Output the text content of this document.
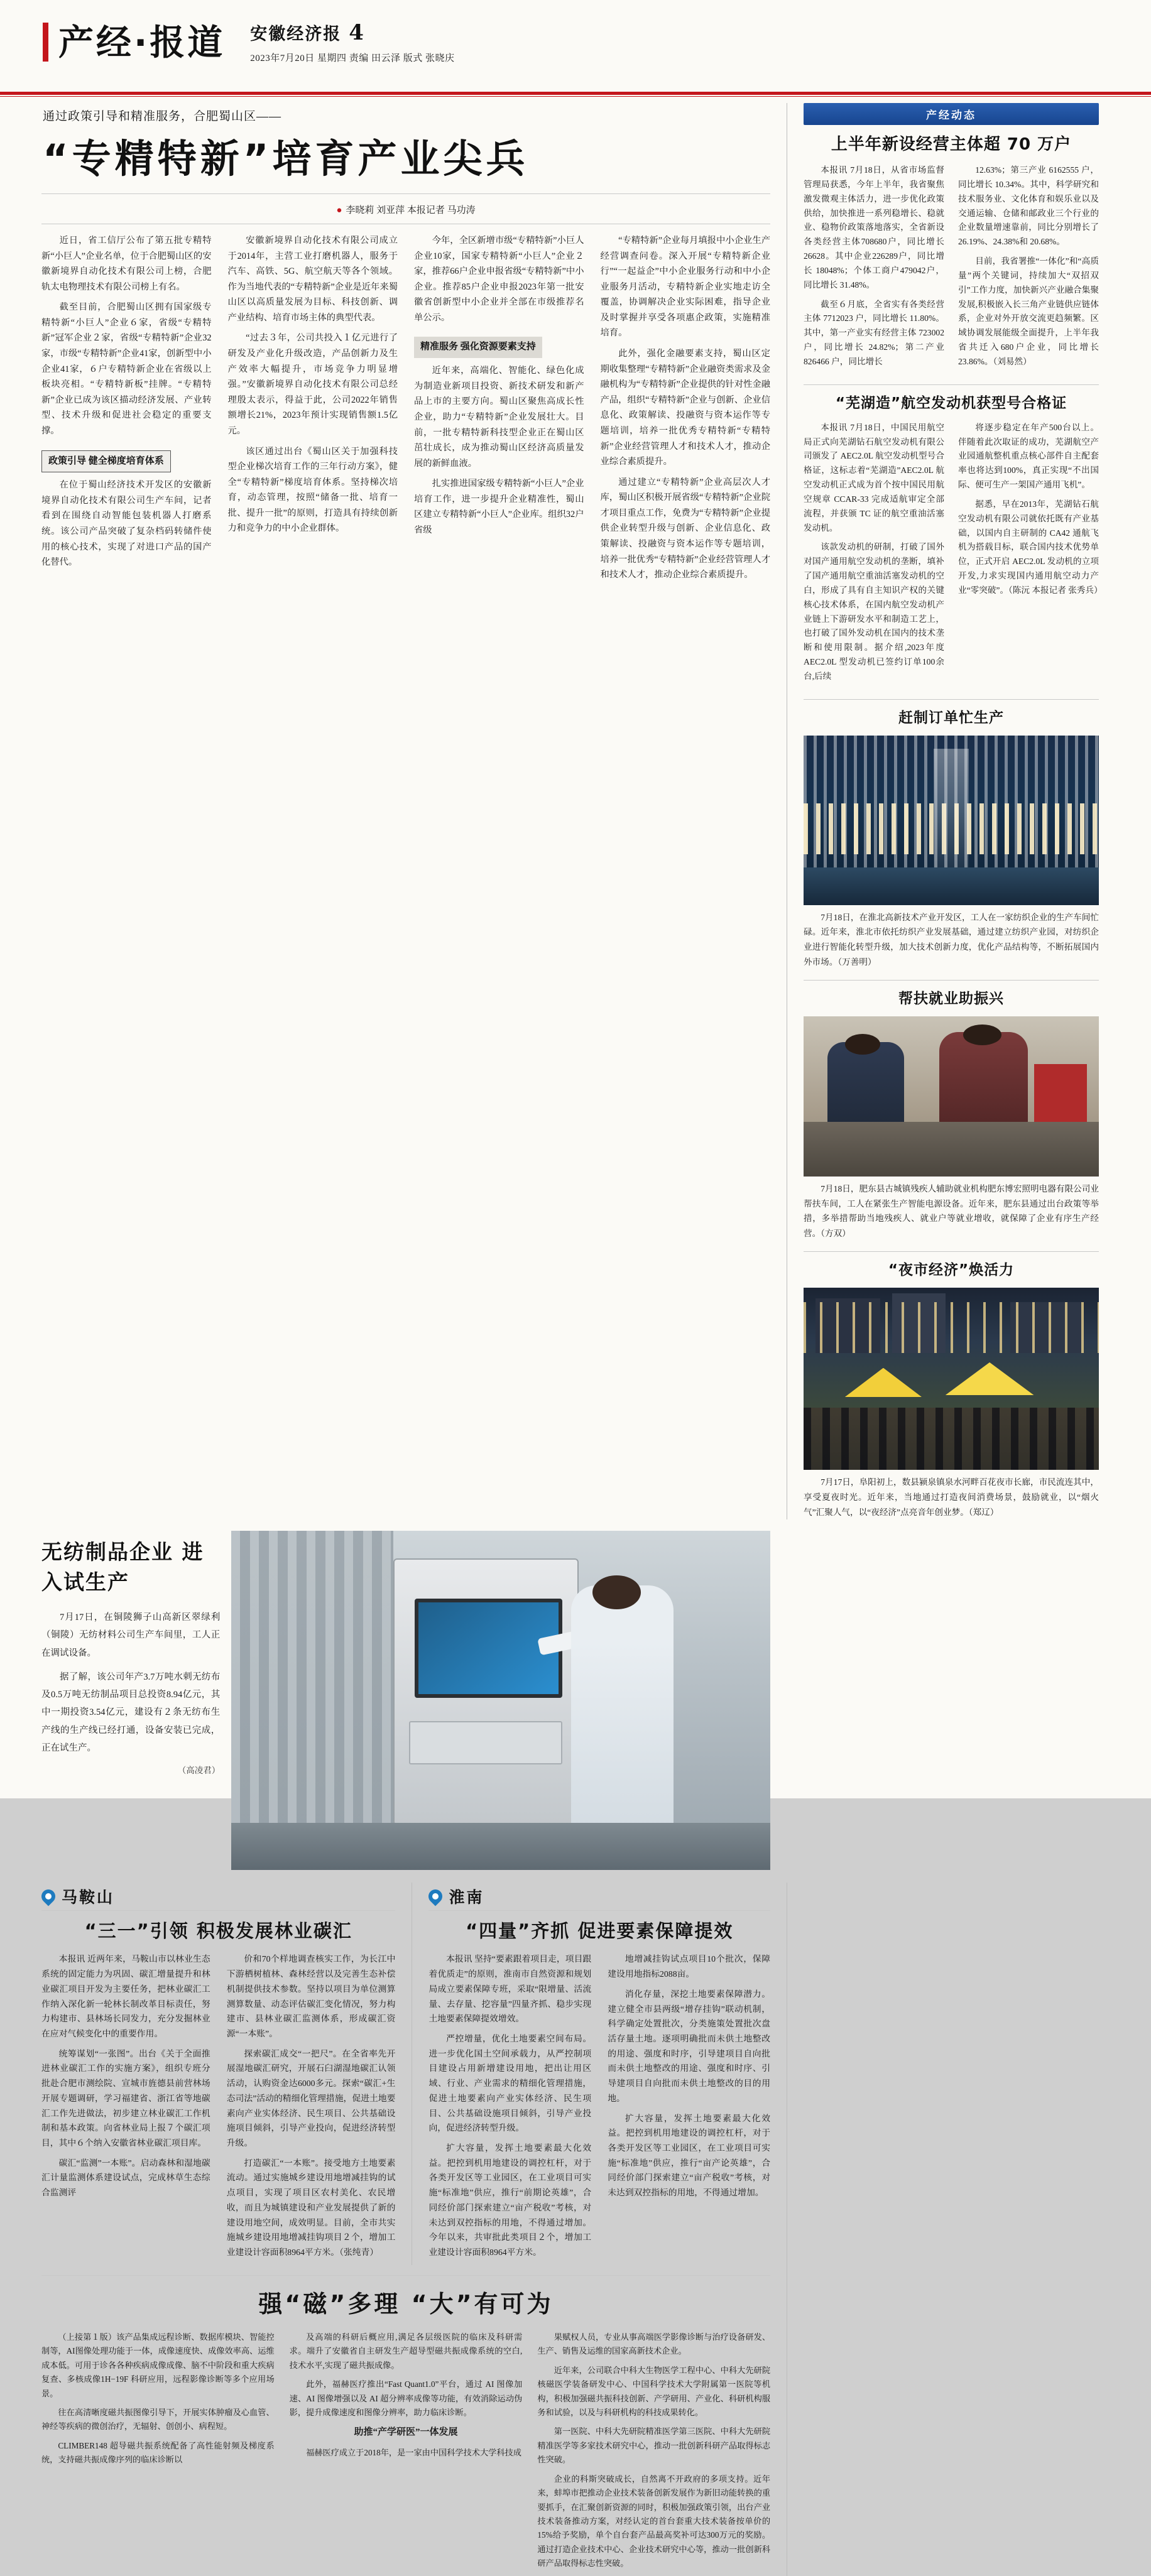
产经·报道 安徽经济报 4
2023年7月20日 星期四 责编 田云泽 版式 张晓庆
通过政策引导和精准服务，合肥蜀山区——
“专精特新”培育产业尖兵
● 李晓莉 刘亚萍 本报记者 马功涛

近日，省工信厅公布了第五批专精特新“小巨人”企业名单，位于合肥蜀山区的安徽新境界自动化技术有限公司上榜，合肥轨太电物理技术有限公司榜上有名。

截至目前，合肥蜀山区拥有国家级专精特新“小巨人”企业６家，省级“专精特新”冠军企业２家，省级“专精特新”企业32家，市级“专精特新”企业41家，创新型中小企业41家，６户专精特新企业在省级以上板块亮相。“专精特新板”挂牌。“专精特新”企业已成为该区描动经济发展、产业转型、技术升级和促进社会稳定的重要支撑。

政策引导 健全梯度培育体系

在位于蜀山经济技术开发区的安徽新境界自动化技术有限公司生产车间，记者看到在围绕自动智能包装机器人打磨系统。该公司产品突破了复杂档码转储件使用的核心技术，实现了对进口产品的国产化替代。

安徽新境界自动化技术有限公司成立于2014年，主营工业打磨机器人，服务于汽车、高铁、5G、航空航天等各个领域。作为当地代表的“专精特新”企业是近年来蜀山区以高质量发展为目标、科技创新、调产业结构、培育市场主体的典型代表。

“过去３年，公司共投入１亿元进行了研发及产业化升级改造，产品创新力及生产效率大幅提升，市场竞争力明显增强。”安徽新境界自动化技术有限公司总经理殷太表示，得益于此，公司2022年销售额增长21%，2023年预计实现销售额1.5亿元。

该区通过出台《蜀山区关于加强科技型企业梯次培育工作的三年行动方案》，健全“专精特新”梯度培育体系。坚持梯次培育，动态管理，按照“储备一批、培育一批、提升一批”的原则，打造具有持续创新力和竞争力的中小企业群体。

今年，全区新增市级“专精特新”小巨人企业10家，国家专精特新“小巨人”企业２家，推荐66户企业申报省级“专精特新”中小企业。推荐85户企业申报2023年第一批安徽省创新型中小企业并全部在市级推荐名单公示。

精准服务 强化资源要素支持

近年来，高端化、智能化、绿色化成为制造业新项目投资、新技术研发和新产品上市的主要方向。蜀山区聚焦高成长性企业，助力“专精特新”企业发展壮大。目前，一批专精特新科技型企业正在蜀山区茁壮成长，成为推动蜀山区经济高质量发展的新鲜血液。

扎实推进国家级专精特新“小巨人”企业培育工作，进一步提升企业精准性，蜀山区建立专精特新“小巨人”企业库。组织32户省级

“专精特新”企业每月填报中小企业生产经营调查问卷。深入开展“专精特新企业行”“一起益企”中小企业服务行动和中小企业服务月活动，专精特新企业实地走访全覆盖，协调解决企业实际困难，指导企业及时掌握并享受各项惠企政策，实施精准培育。

此外，强化金融要素支持，蜀山区定期收集整理“专精特新”企业融资类需求及金融机构为“专精特新”企业提供的针对性金融产品，组织“专精特新”企业与创新、企业信息化、政策解读、投融资与资本运作等专题培训，培养一批优秀专精特新“专精特新”企业经营管理人才和技术人才，推动企业综合素质提升。

通过建立“专精特新”企业高层次人才库，蜀山区积极开展省级“专精特新”企业院才项目重点工作，免费为“专精特新”企业提供企业转型升级与创新、企业信息化、政策解读、投融资与资本运作等专题培训，培养一批优秀“专精特新”企业经营管理人才和技术人才，推动企业综合素质提升。

产经动态
上半年新设经营主体超 70 万户

本报讯 7月18日，从省市场监督管理局获悉，今年上半年，我省聚焦激发微观主体活力，进一步优化政策供给，加快推进一系列稳增长、稳就业、稳物价政策落地落实，全省新设各类经营主体708680户，同比增长 26628。其中企业226289户，同比增长 18048%；个体工商户479042户，同比增长 31.48%。

截至６月底，全省实有各类经营主体 7712023 户，同比增长 11.80%。其中，第一产业实有经营主体 723002 户，同比增长 24.82%；第二产业 826466 户，同比增长

12.63%；第三产业 6162555 户，同比增长 10.34%。其中，科学研究和技术服务业、文化体育和娱乐业以及交通运输、仓储和邮政业三个行业的企业数量增速靠前，同比分别增长了 26.19%、24.38%和 20.68%。

目前，我省署推“一体化”和“高质量”两个关键词，持续加大“双招双引”工作力度，加快新兴产业融合集聚发展,积极嵌入长三角产业链供应链体系，企业对外开放交流更趋频繁。区域协调发展能级全面提升，上半年我省共迁入680户企业，同比增长23.86%。（刘易然）

“芜湖造”航空发动机获型号合格证

本报讯 7月18日，中国民用航空局正式向芜湖钻石航空发动机有限公司颁发了 AEC2.0L 航空发动机型号合格证，这标志着“芜湖造”AEC2.0L 航空发动机正式成为首个按中国民用航空规章 CCAR-33 完成适航审定全部流程，并获颁 TC 证的航空重油活塞发动机。

该款发动机的研制，打破了国外对国产通用航空发动机的垄断，填补了国产通用航空重油活塞发动机的空白，形成了具有自主知识产权的关键核心技术体系，在国内航空发动机产业链上下游研发水平和制造工艺上，也打破了国外发动机在国内的技术垄断和使用限制。据介绍,2023年度 AEC2.0L 型发动机已签约订单100余台,后续

将逐步稳定在年产500台以上。伴随着此次取证的成功，芜湖航空产业园通航整机重点核心部件自主配套率也将达到100%，真正实现“不出国际、便可生产一架国产通用飞机”。

据悉，早在2013年，芜湖钻石航空发动机有限公司就依托既有产业基础，以国内自主研制的 CA42 通航飞机为搭载目标，联合国内技术优势单位，正式开启 AEC2.0L 发动机的立项开发,力求实现国内通用航空动力产业“零突破”。（陈沅 本报记者 张秀兵）

赶制订单忙生产
7月18日，在淮北高新技术产业开发区，工人在一家纺织企业的生产车间忙碌。近年来，淮北市依托纺织产业发展基础，通过建立纺织产业园，对纺织企业进行智能化转型升级，加大技术创新力度，优化产品结构等，不断拓展国内外市场。（万善明）
帮扶就业助振兴
7月18日，肥东县古城镇残疾人辅助就业机构肥东博宏照明电器有限公司业帮扶车间，工人在紧张生产智能电源设备。近年来，肥东县通过出台政策等举措，多举措帮助当地残疾人、就业户等就业增收，就保障了企业有序生产经营。（方双）
“夜市经济”焕活力
7月17日，阜阳初上，数县颍泉镇泉水河畔百花夜市长廊，市民流连其中，享受夏夜时光。近年来，当地通过打造夜间消费场景，鼓励就业，以“烟火气”汇聚人气，以“夜经济”点亮音年创业梦。（郑辽）
无纺制品企业 进入试生产

7月17日，在铜陵狮子山高新区翠绿利（铜陵）无纺材料公司生产车间里，工人正在调试设备。

据了解，该公司年产3.7万吨水刺无纺布及0.5万吨无纺制品项目总投资8.94亿元，其中一期投资3.54亿元，建设有２条无纺布生产线的生产线已经打通，设备安装已完成，正在试生产。

（高凌君）
马鞍山
“三一”引领 积极发展林业碳汇

本报讯 近两年来，马鞍山市以林业生态系统的固定能力为巩固、碳汇增量提升和林业碳汇项目开发为主要任务，把林业碳汇工作纳入深化新一轮林长制改革目标责任，努力构建市、县林场长同发力，充分发掘林业在应对气候变化中的重要作用。

统筹谋划“一张图”。出台《关于全面推进林业碳汇工作的实施方案》，组织专班分批赴合肥市测绘院、宣城市旌德县前营林场开展专题调研，学习福建省、浙江省等地碳汇工作先进做法，初步建立林业碳汇工作机制和基本政策。向省林业局上报７个碳汇项目，其中６个纳入安徽省林业碳汇项目库。

碳汇“监测”一本账”。启动森林和湿地碳汇计量监测体系建设试点，完成林草生态综合监测评

价和70个样地调查核实工作，为长江中下游栖树植林、森林经营以及完善生态补偿机制提供技术参数。坚持以项目为单位测算测算数量、动态评估碳汇变化情况，努力构建市、县林业碳汇监测体系，形成碳汇资源“一本账”。

探索碳汇成交“一把尺”。在全省率先开展湿地碳汇研究，开展石臼湖湿地碳汇认领活动，认购资金达6000多元。探索“碳汇+生态司法”活动的精细化管理措施，促进土地要素向产业实体经济、民生项目、公共基础设施项目倾斜，引导产业投向，促进经济转型升级。

打造碳汇“一本账”。接受地方土地要素流动。通过实施城乡建设用地增减挂钩的试点项目，实现了项目区农村美化、农民增收，而且为城镇建设和产业发展提供了新的建设用地空间，成效明显。目前，全市共实施城乡建设用地增减挂钩项目２个，增加工业建设计容面积8964平方米。（张纯青）

淮南
“四量”齐抓 促进要素保障提效

本报讯 坚持“要素跟着项目走，项目跟着优质走”的原则，淮南市自然资源和规划局成立要素保障专班，采取“限增量、活流量、去存量、挖容量”四量齐抓、稳步实现土地要素保障提效增效。

严控增量，优化土地要素空间布局。进一步优化国土空间承载力，从严控制项目建设占用新增建设用地，把出让用区域、行业、产业需求的精细化管理措施，促进土地要素向产业实体经济、民生项目、公共基础设施项目倾斜，引导产业投向，促进经济转型升级。

扩大容量，发挥土地要素最大化效益。把控到机用地建设的调控杠杆，对于各类开发区等工业园区，在工业项目可实施“标准地”供应，推行“前期论英雄”，合同经价部门探索建立“亩产税收”考核，对未达到双控指标的用地，不得通过增加。今年以来，共审批此类项目２个，增加工业建设计容面积8964平方米。

地增减挂钩试点项目10个批次，保障建设用地指标2088亩。

消化存量，深挖土地要素保障潜力。建立健全市县两级“增存挂钩”联动机制，科学确定处置批次，分类施策处置批次盘活存量土地。逐项明确批而未供土地整改的用途、强度和时序，引导建项目自向批而未供土地整改的用途、强度和时序、引导建项目自向批而未供土地整改的目的用地。

扩大容量，发挥土地要素最大化效益。把控到机用地建设的调控杠杆，对于各类开发区等工业园区，在工业项目可实施“标准地”供应，推行“亩产论英雄”，合同经价部门探索建立“亩产税收”考核，对未达到双控指标的用地，不得通过增加。

强“磁”多理 “大”有可为

（上接第１版）该产品集成远程诊断、数据库模块、智能控制等，AI图像处理功能于一体，成像速度快、成像效率高、运维成本低。可用于诊各各种疾病成像成像、脑不中阶段和重大疾病复查、多核成像1H−19F 科研应用，远程影像诊断等多个应用场景。

往在高清晰度磁共振图像引导下，开展实体肿瘤及心血管、神经等疾病的微创治疗，无辐射、创创小、病程短。

CLIMBER148 超导磁共振系统配备了高性能射频及梯度系统，支持磁共振成像序列的临床诊断以

及高端的科研后概应用,满足各层级医院的临床及科研需求。端升了安徽省自主研发生产超导型磁共振成像系统的空白,技术水平,实现了磁共振成像。

此外，福赫医疗推出“Fast Quant1.0”平台，通过 AI 图像加速、AI 图像增强以及 AI 超分辨率成像等功能，有效消除运动伪影，提升成像速度和图像分辨率，助力临床诊断。

助推“产学研医”一体发展

福赫医疗成立于2018年，是一家由中国科学技术大学科技成

果赋权人员，专业从事高端医学影像诊断与治疗设备研发、生产、销售及运维的国家高新技术企业。

近年来，公司联合中科大生物医学工程中心、中科大先研院核磁医学装备研发中心、中国科学技术大学附属第一医院等机构，积极加强磁共振科技创新、产学研用、产业化、科研机构服务和试验，以及与科研机构的科技成果转化。

第一医院、中科大先研院精准医学第三医院、中科大先研院精准医学等多家技术研究中心，推动一批创新科研产品取得标志性突破。

企业的科斯突破成长，自然离不开政府的多项支持。近年来，蚌埠市把推动企业技术装备创新发展作为新旧动能转换的重要抓手，在汇聚创新资源的同时，积极加强政策引领，出台产业技术装备推动方案，对经认定的首台套重大技术装备按单价的15%给予奖励，单个自台套产品最高奖补可达300万元的奖励。通过打造企业技术中心、企业技术研究中心等，推动一批创新科研产品取得标志性突破。
